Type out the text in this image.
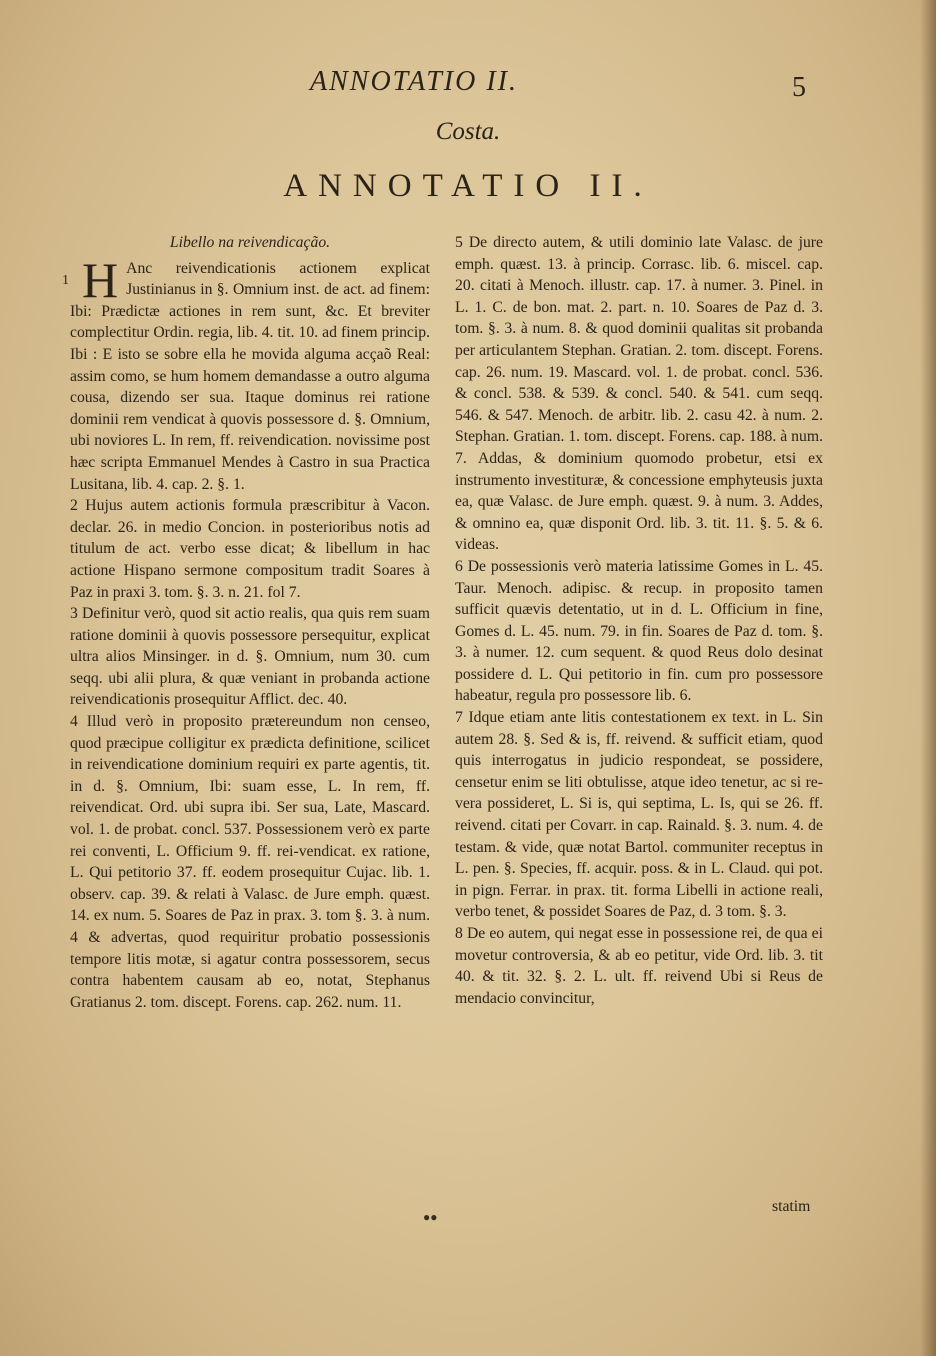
ANNOTATIO II.	5
Costa.
ANNOTATIO II.

Libello na reivendicação.

1 H Anc reivendicationis actionem explicat Justinianus in §. Omnium inst. de act. ad finem: Ibi: Prædictæ actiones in rem sunt, &c. Et breviter complectitur Ordin. regia, lib. 4. tit. 10. ad finem princip. Ibi : E isto se sobre ella he movida alguma acçaõ Real: assim como, se hum homem demandasse a outro alguma cousa, dizendo ser sua. Itaque dominus rei ratione dominii rem vendicat à quovis possessore d. §. Omnium, ubi noviores L. In rem, ff. reivendication. novissime post hæc scripta Emmanuel Mendes à Castro in sua Practica Lusitana, lib. 4. cap. 2. §. 1.

2 Hujus autem actionis formula præscribitur à Vacon. declar. 26. in medio Concion. in posterioribus notis ad titulum de act. verbo esse dicat; & libellum in hac actione Hispano sermone compositum tradit Soares à Paz in praxi 3. tom. §. 3. n. 21. fol 7.

3 Definitur verò, quod sit actio realis, qua quis rem suam ratione dominii à quovis possessore persequitur, explicat ultra alios Minsinger. in d. §. Omnium, num 30. cum seqq. ubi alii plura, & quæ veniant in probanda actione reivendicationis prosequitur Afflict. dec. 40.

4 Illud verò in proposito prætereundum non censeo, quod præcipue colligitur ex prædicta definitione, scilicet in reivendicatione dominium requiri ex parte agentis, tit. in d. §. Omnium, Ibi: suam esse, L. In rem, ff. reivendicat. Ord. ubi supra ibi. Ser sua, Late, Mascard. vol. 1. de probat. concl. 537. Possessionem verò ex parte rei conventi, L. Officium 9. ff. rei-vendicat. ex ratione, L. Qui petitorio 37. ff. eodem prosequitur Cujac. lib. 1. observ. cap. 39. & relati à Valasc. de Jure emph. quæst. 14. ex num. 5. Soares de Paz in prax. 3. tom §. 3. à num. 4 & advertas, quod requiritur probatio possessionis tempore litis motæ, si agatur contra possessorem, secus contra habentem causam ab eo, notat, Stephanus Gratianus 2. tom. discept. Forens. cap. 262. num. 11.

5 De directo autem, & utili dominio late Valasc. de jure emph. quæst. 13. à princip. Corrasc. lib. 6. miscel. cap. 20. citati à Menoch. illustr. cap. 17. à numer. 3. Pinel. in L. 1. C. de bon. mat. 2. part. n. 10. Soares de Paz d. 3. tom. §. 3. à num. 8. & quod dominii qualitas sit probanda per articulantem Stephan. Gratian. 2. tom. discept. Forens. cap. 26. num. 19. Mascard. vol. 1. de probat. concl. 536. & concl. 538. & 539. & concl. 540. & 541. cum seqq. 546. & 547. Menoch. de arbitr. lib. 2. casu 42. à num. 2. Stephan. Gratian. 1. tom. discept. Forens. cap. 188. à num. 7. Addas, & dominium quomodo probetur, etsi ex instrumento investituræ, & concessione emphyteusis juxta ea, quæ Valasc. de Jure emph. quæst. 9. à num. 3. Addes, & omnino ea, quæ disponit Ord. lib. 3. tit. 11. §. 5. & 6. videas.

6 De possessionis verò materia latissime Gomes in L. 45. Taur. Menoch. adipisc. & recup. in proposito tamen sufficit quævis detentatio, ut in d. L. Officium in fine, Gomes d. L. 45. num. 79. in fin. Soares de Paz d. tom. §. 3. à numer. 12. cum sequent. & quod Reus dolo desinat possidere d. L. Qui petitorio in fin. cum pro possessore habeatur, regula pro possessore lib. 6.

7 Idque etiam ante litis contestationem ex text. in L. Sin autem 28. §. Sed & is, ff. reivend. & sufficit etiam, quod quis interrogatus in judicio respondeat, se possidere, censetur enim se liti obtulisse, atque ideo tenetur, ac si re-vera possideret, L. Si is, qui septima, L. Is, qui se 26. ff. reivend. citati per Covarr. in cap. Rainald. §. 3. num. 4. de testam. & vide, quæ notat Bartol. communiter receptus in L. pen. §. Species, ff. acquir. poss. & in L. Claud. qui pot. in pign. Ferrar. in prax. tit. forma Libelli in actione reali, verbo tenet, & possidet Soares de Paz, d. 3 tom. §. 3.

8 De eo autem, qui negat esse in possessione rei, de qua ei movetur controversia, & ab eo petitur, vide Ord. lib. 3. tit 40. & tit. 32. §. 2. L. ult. ff. reivend Ubi si Reus de mendacio convincitur,

●●
statim
